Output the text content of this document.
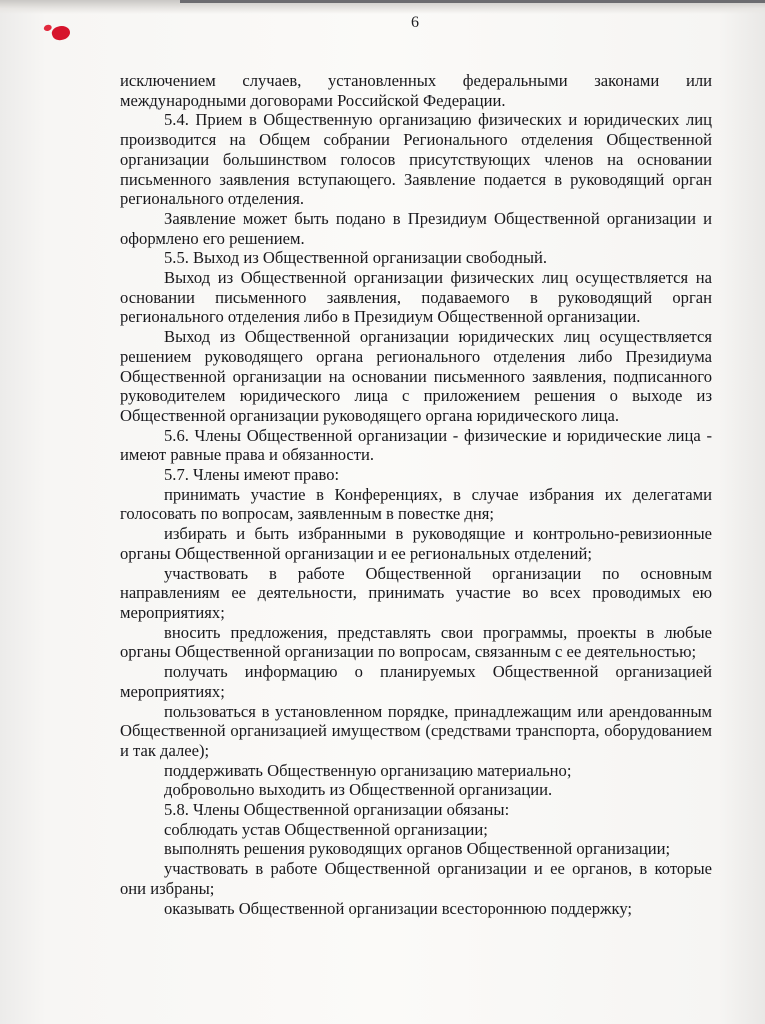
6

исключением случаев, установленных федеральными законами или международными договорами Российской Федерации.

5.4. Прием в Общественную организацию физических и юридических лиц производится на Общем собрании Регионального отделения Общественной организации большинством голосов присутствующих членов на основании письменного заявления вступающего. Заявление подается в руководящий орган регионального отделения.

Заявление может быть подано в Президиум Общественной организации и оформлено его решением.

5.5. Выход из Общественной организации свободный.

Выход из Общественной организации физических лиц осуществляется на основании письменного заявления, подаваемого в руководящий орган регионального отделения либо в Президиум Общественной организации.

Выход из Общественной организации юридических лиц осуществляется решением руководящего органа регионального отделения либо Президиума Общественной организации на основании письменного заявления, подписанного руководителем юридического лица с приложением решения о выходе из Общественной организации руководящего органа юридического лица.

5.6. Члены Общественной организации - физические и юридические лица - имеют равные права и обязанности.

5.7. Члены имеют право:

принимать участие в Конференциях, в случае избрания их делегатами голосовать по вопросам, заявленным в повестке дня;

избирать и быть избранными в руководящие и контрольно-ревизионные органы Общественной организации и ее региональных отделений;

участвовать в работе Общественной организации по основным направлениям ее деятельности, принимать участие во всех проводимых ею мероприятиях;

вносить предложения, представлять свои программы, проекты в любые органы Общественной организации по вопросам, связанным с ее деятельностью;

получать информацию о планируемых Общественной организацией мероприятиях;

пользоваться в установленном порядке, принадлежащим или арендованным Общественной организацией имуществом (средствами транспорта, оборудованием и так далее);

поддерживать Общественную организацию материально;

добровольно выходить из Общественной организации.

5.8. Члены Общественной организации обязаны:

соблюдать устав Общественной организации;

выполнять решения руководящих органов Общественной организации;

участвовать в работе Общественной организации и ее органов, в которые они избраны;

оказывать Общественной организации всестороннюю поддержку;
